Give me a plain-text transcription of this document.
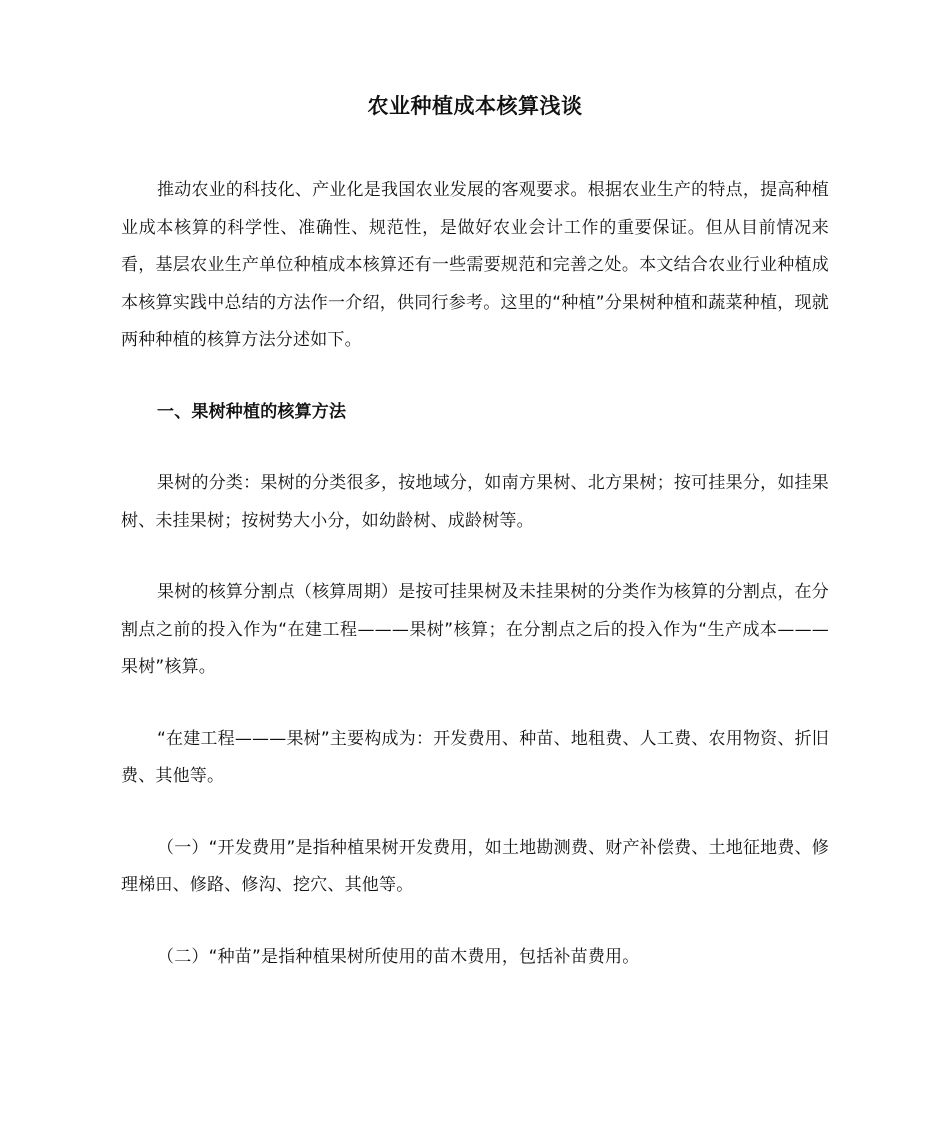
农业种植成本核算浅谈

推动农业的科技化、产业化是我国农业发展的客观要求。根据农业生产的特点，提高种植业成本核算的科学性、准确性、规范性，是做好农业会计工作的重要保证。但从目前情况来看，基层农业生产单位种植成本核算还有一些需要规范和完善之处。本文结合农业行业种植成本核算实践中总结的方法作一介绍，供同行参考。这里的“种植”分果树种植和蔬菜种植，现就两种种植的核算方法分述如下。

一、果树种植的核算方法

果树的分类：果树的分类很多，按地域分，如南方果树、北方果树；按可挂果分，如挂果树、未挂果树；按树势大小分，如幼龄树、成龄树等。

果树的核算分割点（核算周期）是按可挂果树及未挂果树的分类作为核算的分割点，在分割点之前的投入作为“在建工程———果树”核算；在分割点之后的投入作为“生产成本———果树”核算。

“在建工程———果树”主要构成为：开发费用、种苗、地租费、人工费、农用物资、折旧费、其他等。

（一）“开发费用”是指种植果树开发费用，如土地勘测费、财产补偿费、土地征地费、修理梯田、修路、修沟、挖穴、其他等。

（二）“种苗”是指种植果树所使用的苗木费用，包括补苗费用。
